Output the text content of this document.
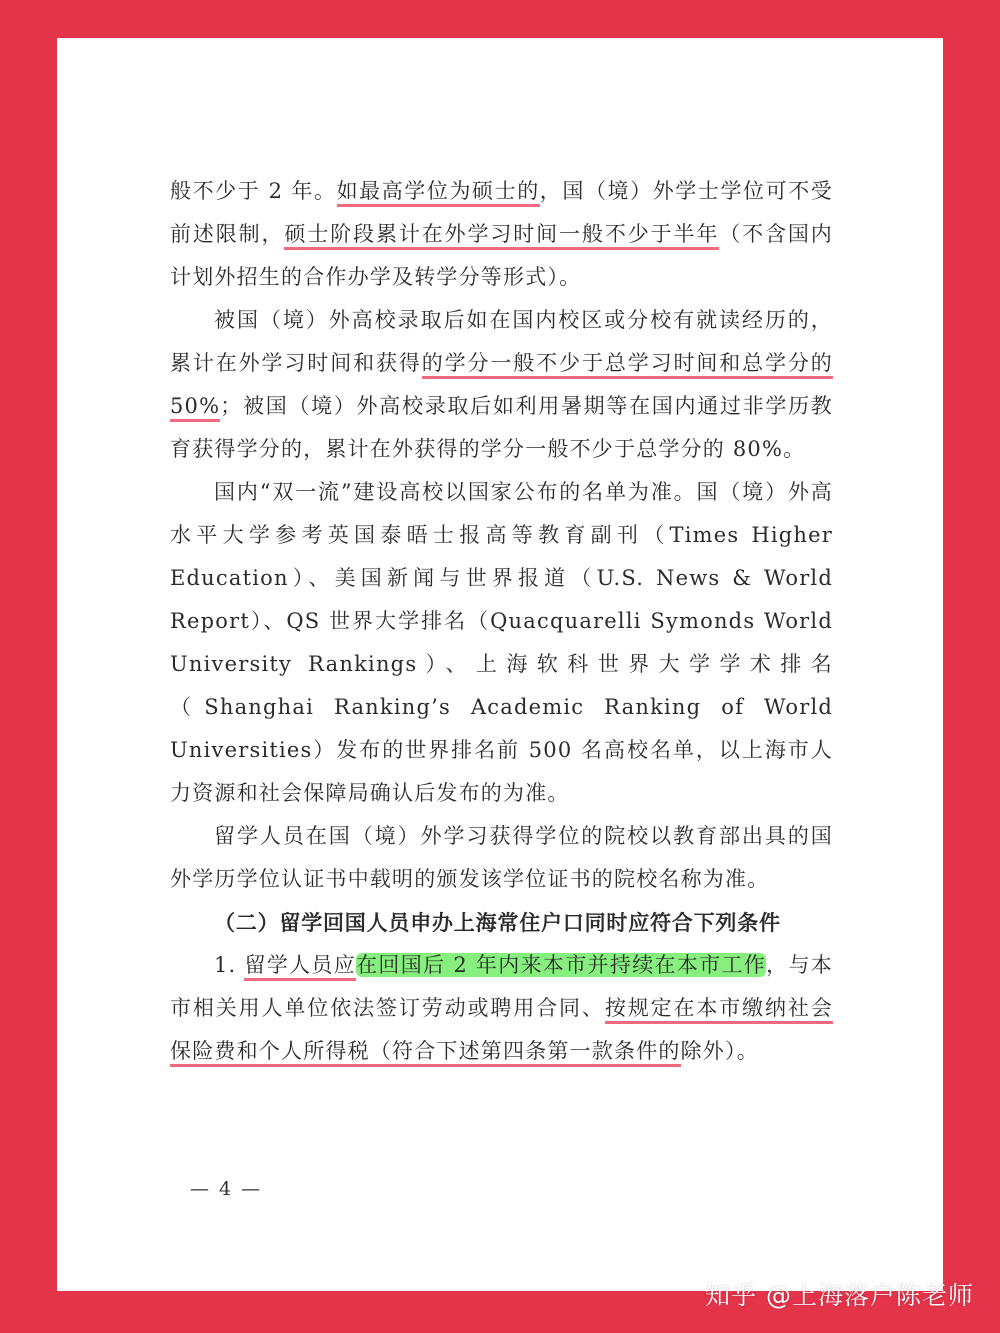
般不少于 2 年。如最高学位为硕士的，国（境）外学士学位可不受前述限制，硕士阶段累计在外学习时间一般不少于半年（不含国内计划外招生的合作办学及转学分等形式）。

被国（境）外高校录取后如在国内校区或分校有就读经历的，累计在外学习时间和获得的学分一般不少于总学习时间和总学分的 50%；被国（境）外高校录取后如利用暑期等在国内通过非学历教育获得学分的，累计在外获得的学分一般不少于总学分的 80%。

国内“双一流”建设高校以国家公布的名单为准。国（境）外高水平大学参考英国泰晤士报高等教育副刊（Times Higher Education）、美国新闻与世界报道（U.S. News & World Report）、QS 世界大学排名（Quacquarelli Symonds World University Rankings）、上海软科世界大学学术排名（Shanghai Ranking’s Academic Ranking of World Universities）发布的世界排名前 500 名高校名单，以上海市人力资源和社会保障局确认后发布的为准。

留学人员在国（境）外学习获得学位的院校以教育部出具的国外学历学位认证书中载明的颁发该学位证书的院校名称为准。

（二）留学回国人员申办上海常住户口同时应符合下列条件

1. 留学人员应在回国后 2 年内来本市并持续在本市工作，与本市相关用人单位依法签订劳动或聘用合同、按规定在本市缴纳社会保险费和个人所得税（符合下述第四条第一款条件的除外）。

— 4 —
知乎 @上海落户陈老师
